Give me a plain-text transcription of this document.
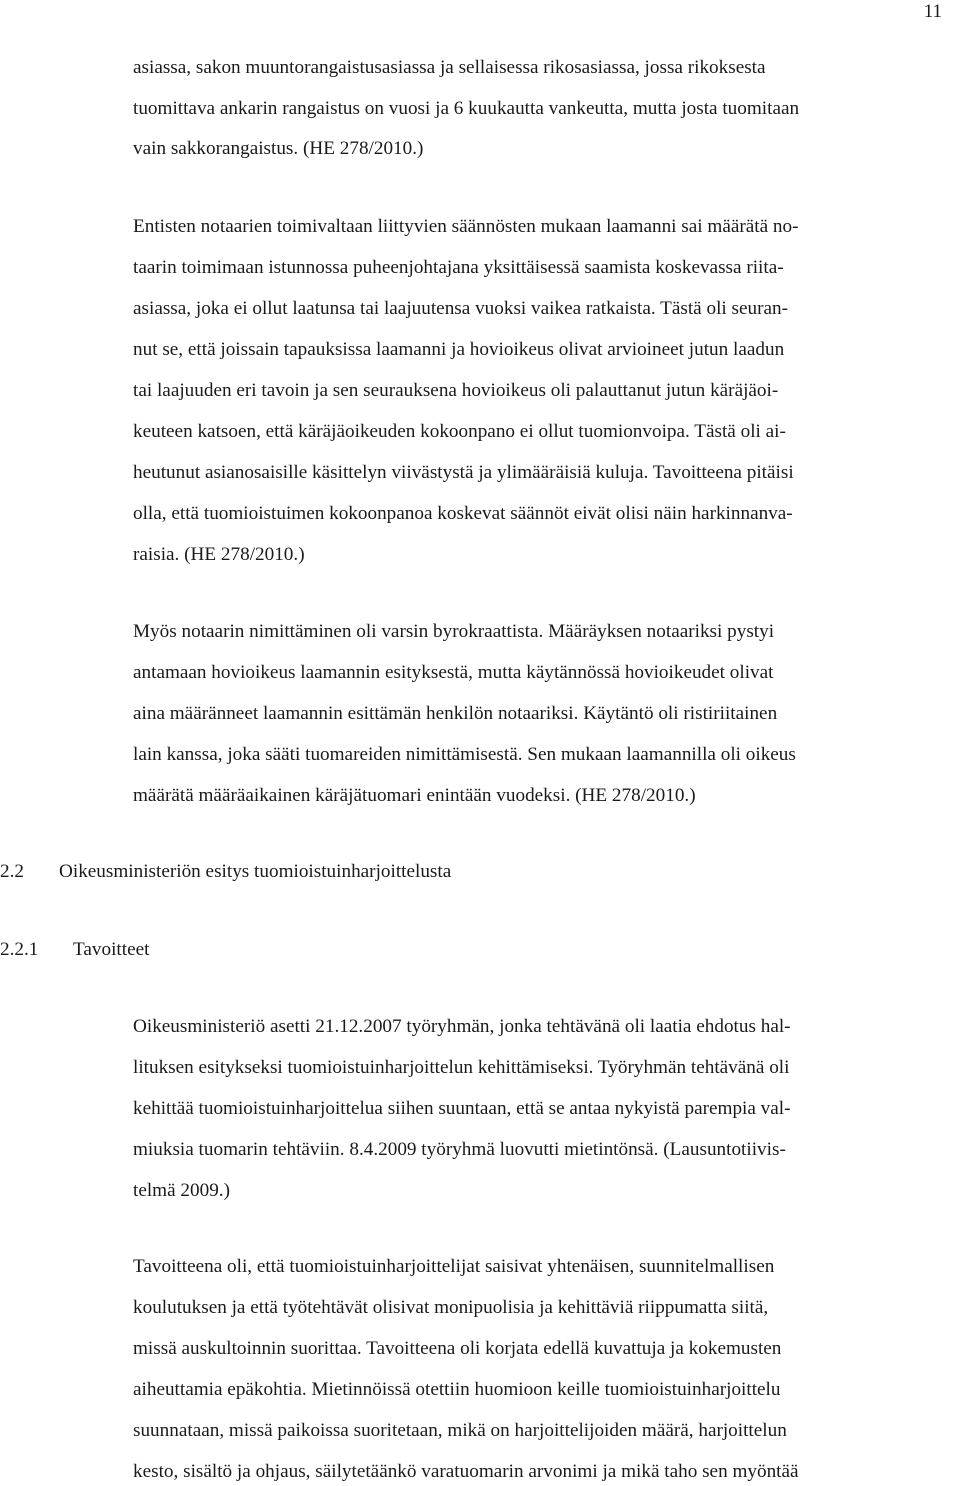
11
asiassa, sakon muuntorangaistusasiassa ja sellaisessa rikosasiassa, jossa rikoksesta
tuomittava ankarin rangaistus on vuosi ja 6 kuukautta vankeutta, mutta josta tuomitaan
vain sakkorangaistus. (HE 278/2010.)
Entisten notaarien toimivaltaan liittyvien säännösten mukaan laamanni sai määrätä no-
taarin toimimaan istunnossa puheenjohtajana yksittäisessä saamista koskevassa riita-
asiassa, joka ei ollut laatunsa tai laajuutensa vuoksi vaikea ratkaista. Tästä oli seuran-
nut se, että joissain tapauksissa laamanni ja hovioikeus olivat arvioineet jutun laadun
tai laajuuden eri tavoin ja sen seurauksena hovioikeus oli palauttanut jutun käräjäoi-
keuteen katsoen, että käräjäoikeuden kokoonpano ei ollut tuomionvoipa. Tästä oli ai-
heutunut asianosaisille käsittelyn viivästystä ja ylimääräisiä kuluja. Tavoitteena pitäisi
olla, että tuomioistuimen kokoonpanoa koskevat säännöt eivät olisi näin harkinnanva-
raisia. (HE 278/2010.)
Myös notaarin nimittäminen oli varsin byrokraattista. Määräyksen notaariksi pystyi
antamaan hovioikeus laamannin esityksestä, mutta käytännössä hovioikeudet olivat
aina määränneet laamannin esittämän henkilön notaariksi. Käytäntö oli ristiriitainen
lain kanssa, joka sääti tuomareiden nimittämisestä. Sen mukaan laamannilla oli oikeus
määrätä määräaikainen käräjätuomari enintään vuodeksi. (HE 278/2010.)
2.2 Oikeusministeriön esitys tuomioistuinharjoittelusta
2.2.1 Tavoitteet
Oikeusministeriö asetti 21.12.2007 työryhmän, jonka tehtävänä oli laatia ehdotus hal-
lituksen esitykseksi tuomioistuinharjoittelun kehittämiseksi. Työryhmän tehtävänä oli
kehittää tuomioistuinharjoittelua siihen suuntaan, että se antaa nykyistä parempia val-
miuksia tuomarin tehtäviin. 8.4.2009 työryhmä luovutti mietintönsä. (Lausuntotiivis-
telmä 2009.)
Tavoitteena oli, että tuomioistuinharjoittelijat saisivat yhtenäisen, suunnitelmallisen
koulutuksen ja että työtehtävät olisivat monipuolisia ja kehittäviä riippumatta siitä,
missä auskultoinnin suorittaa. Tavoitteena oli korjata edellä kuvattuja ja kokemusten
aiheuttamia epäkohtia. Mietinnöissä otettiin huomioon keille tuomioistuinharjoittelu
suunnataan, missä paikoissa suoritetaan, mikä on harjoittelijoiden määrä, harjoittelun
kesto, sisältö ja ohjaus, säilytetäänkö varatuomarin arvonimi ja mikä taho sen myöntää
